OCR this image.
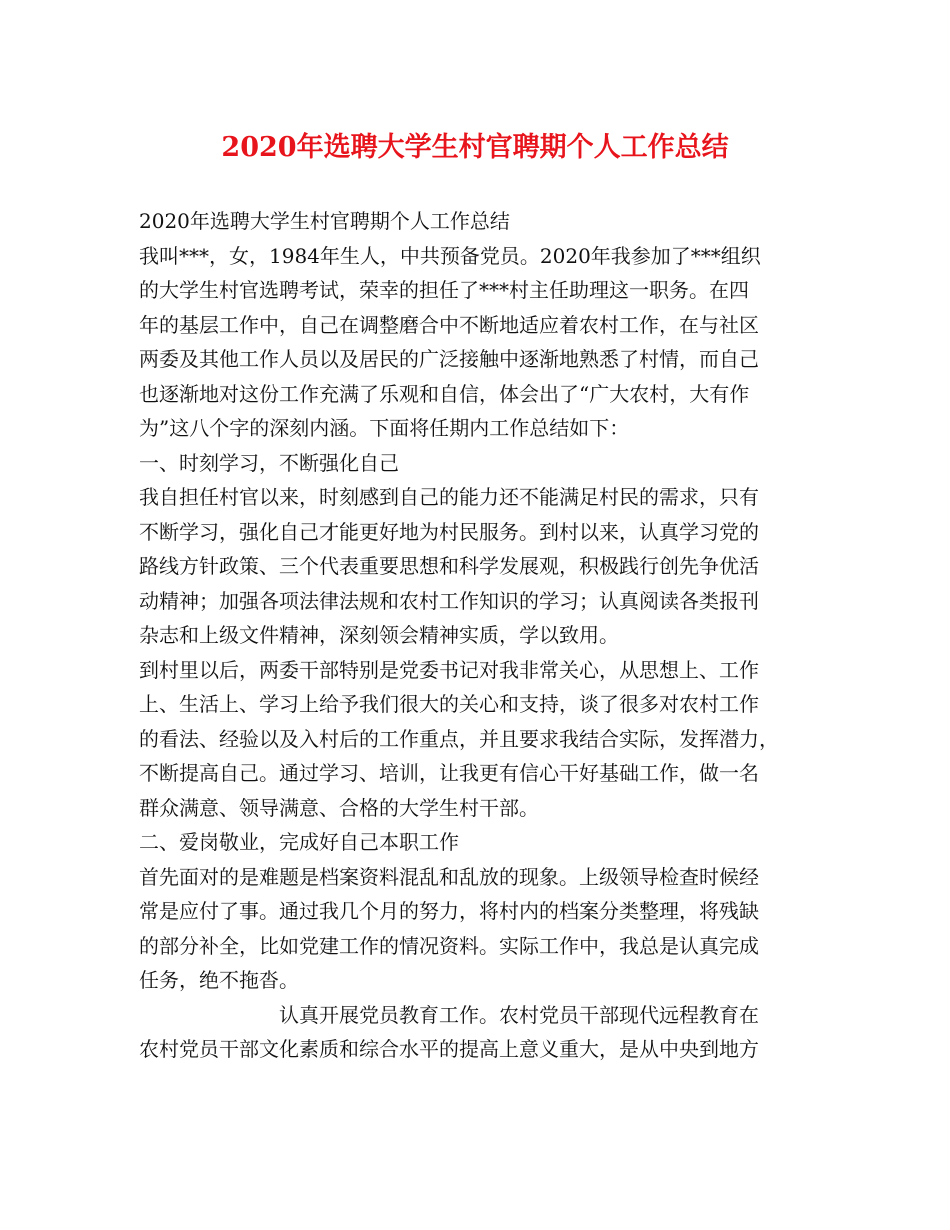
2020年选聘大学生村官聘期个人工作总结
2020年选聘大学生村官聘期个人工作总结
我叫***，女，1984年生人，中共预备党员。2020年我参加了***组织
的大学生村官选聘考试，荣幸的担任了***村主任助理这一职务。在四
年的基层工作中，自己在调整磨合中不断地适应着农村工作，在与社区
两委及其他工作人员以及居民的广泛接触中逐渐地熟悉了村情，而自己
也逐渐地对这份工作充满了乐观和自信，体会出了“广大农村，大有作
为”这八个字的深刻内涵。下面将任期内工作总结如下：
一、时刻学习，不断强化自己
我自担任村官以来，时刻感到自己的能力还不能满足村民的需求，只有
不断学习，强化自己才能更好地为村民服务。到村以来，认真学习党的
路线方针政策、三个代表重要思想和科学发展观，积极践行创先争优活
动精神；加强各项法律法规和农村工作知识的学习；认真阅读各类报刊
杂志和上级文件精神，深刻领会精神实质，学以致用。
到村里以后，两委干部特别是党委书记对我非常关心，从思想上、工作
上、生活上、学习上给予我们很大的关心和支持，谈了很多对农村工作
的看法、经验以及入村后的工作重点，并且要求我结合实际，发挥潜力，
不断提高自己。通过学习、培训，让我更有信心干好基础工作，做一名
群众满意、领导满意、合格的大学生村干部。
二、爱岗敬业，完成好自己本职工作
首先面对的是难题是档案资料混乱和乱放的现象。上级领导检查时候经
常是应付了事。通过我几个月的努力，将村内的档案分类整理，将残缺
的部分补全，比如党建工作的情况资料。实际工作中，我总是认真完成
任务，绝不拖沓。
认真开展党员教育工作。农村党员干部现代远程教育在
农村党员干部文化素质和综合水平的提高上意义重大，是从中央到地方
